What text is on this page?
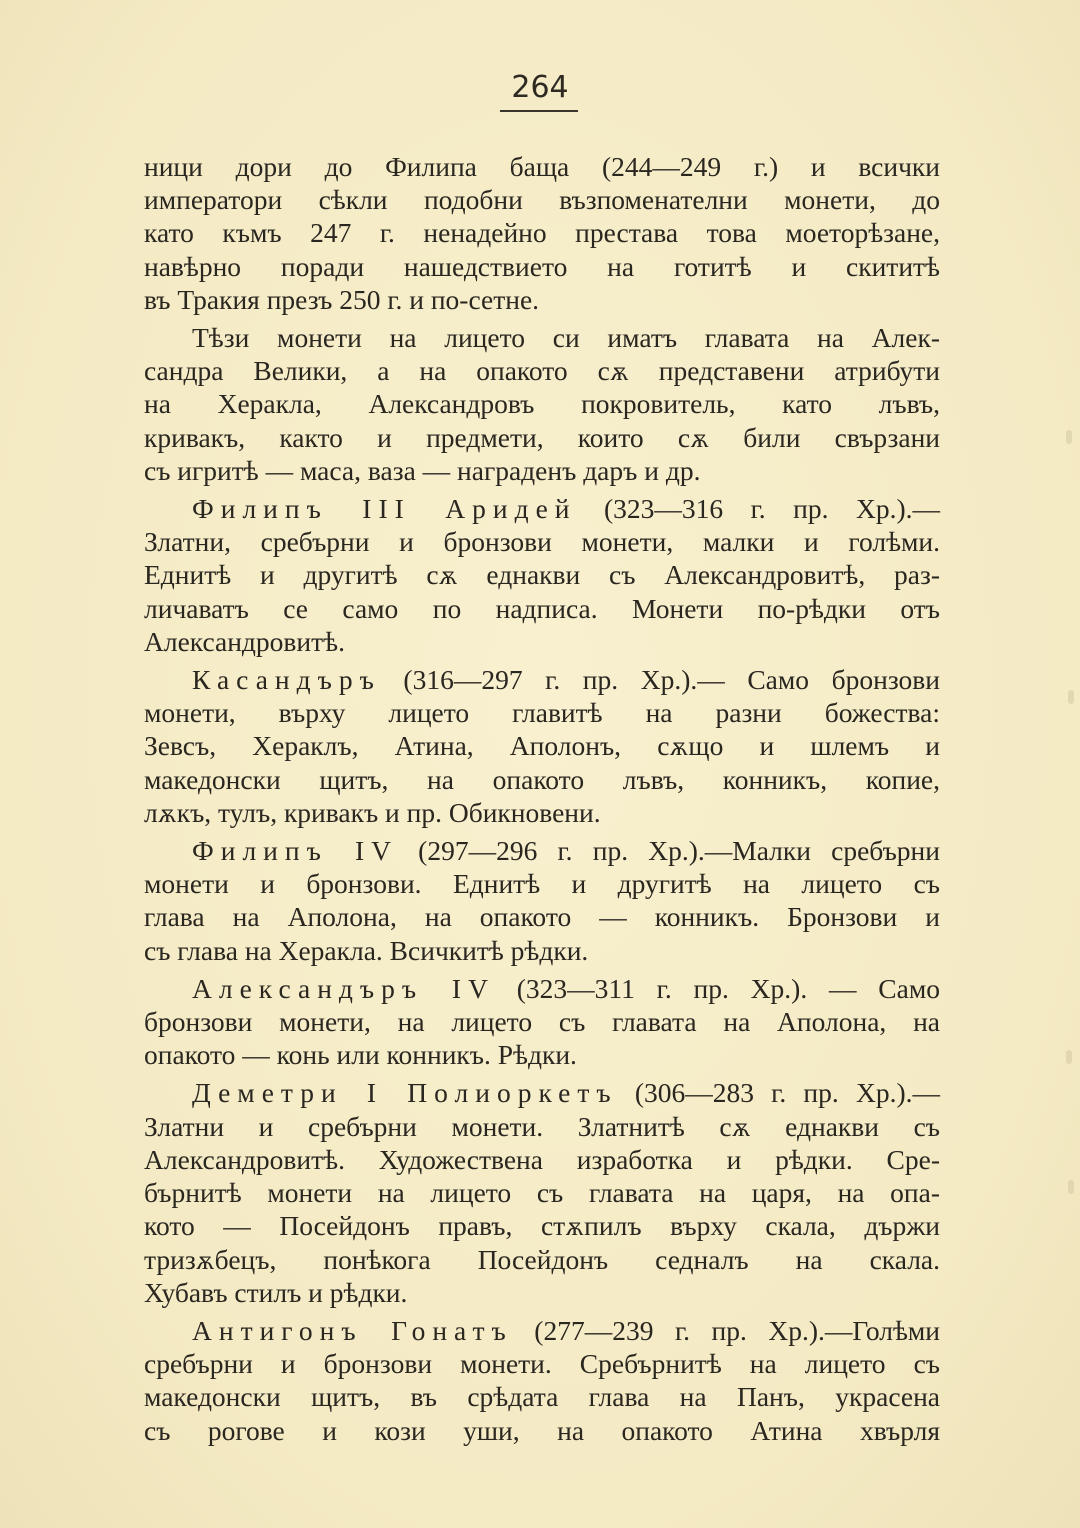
264
ници дори до Филипа баща (244—249 г.) и всички
императори сѣкли подобни възпоменателни монети, до
като къмъ 247 г. ненадейно престава това моеторѣзане,
навѣрно поради нашедствието на готитѣ и скититѣ
въ Тракия презъ 250 г. и по-сетне.
Тѣзи монети на лицето си иматъ главата на Алек-
сандра Велики, а на опакото сѫ представени атрибути
на Херакла, Александровъ покровитель, като лъвъ,
кривакъ, както и предмети, които сѫ били свързани
съ игритѣ — маса, ваза — награденъ даръ и др.
Филипъ III Аридей (323—316 г. пр. Хр.).—
Златни, сребърни и бронзови монети, малки и голѣми.
Еднитѣ и другитѣ сѫ еднакви съ Александровитѣ, раз-
личаватъ се само по надписа. Монети по-рѣдки отъ
Александровитѣ.
Касандъръ (316—297 г. пр. Хр.).— Само бронзови
монети, върху лицето главитѣ на разни божества:
Зевсъ, Хераклъ, Атина, Аполонъ, сѫщо и шлемъ и
македонски щитъ, на опакото лъвъ, конникъ, копие,
лѫкъ, тулъ, кривакъ и пр. Обикновени.
Филипъ IV (297—296 г. пр. Хр.).—Малки сребърни
монети и бронзови. Еднитѣ и другитѣ на лицето съ
глава на Аполона, на опакото — конникъ. Бронзови и
съ глава на Херакла. Всичкитѣ рѣдки.
Александъръ IV (323—311 г. пр. Хр.). — Само
бронзови монети, на лицето съ главата на Аполона, на
опакото — конь или конникъ. Рѣдки.
Деметри I Полиоркетъ (306—283 г. пр. Хр.).—
Златни и сребърни монети. Златнитѣ сѫ еднакви съ
Александровитѣ. Художествена изработка и рѣдки. Сре-
бърнитѣ монети на лицето съ главата на царя, на опа-
кото — Посейдонъ правъ, стѫпилъ върху скала, държи
тризѫбецъ, понѣкога Посейдонъ седналъ на скала.
Хубавъ стилъ и рѣдки.
Антигонъ Гонатъ (277—239 г. пр. Хр.).—Голѣми
сребърни и бронзови монети. Сребърнитѣ на лицето съ
македонски щитъ, въ срѣдата глава на Панъ, украсена
съ рогове и кози уши, на опакото Атина хвърля
